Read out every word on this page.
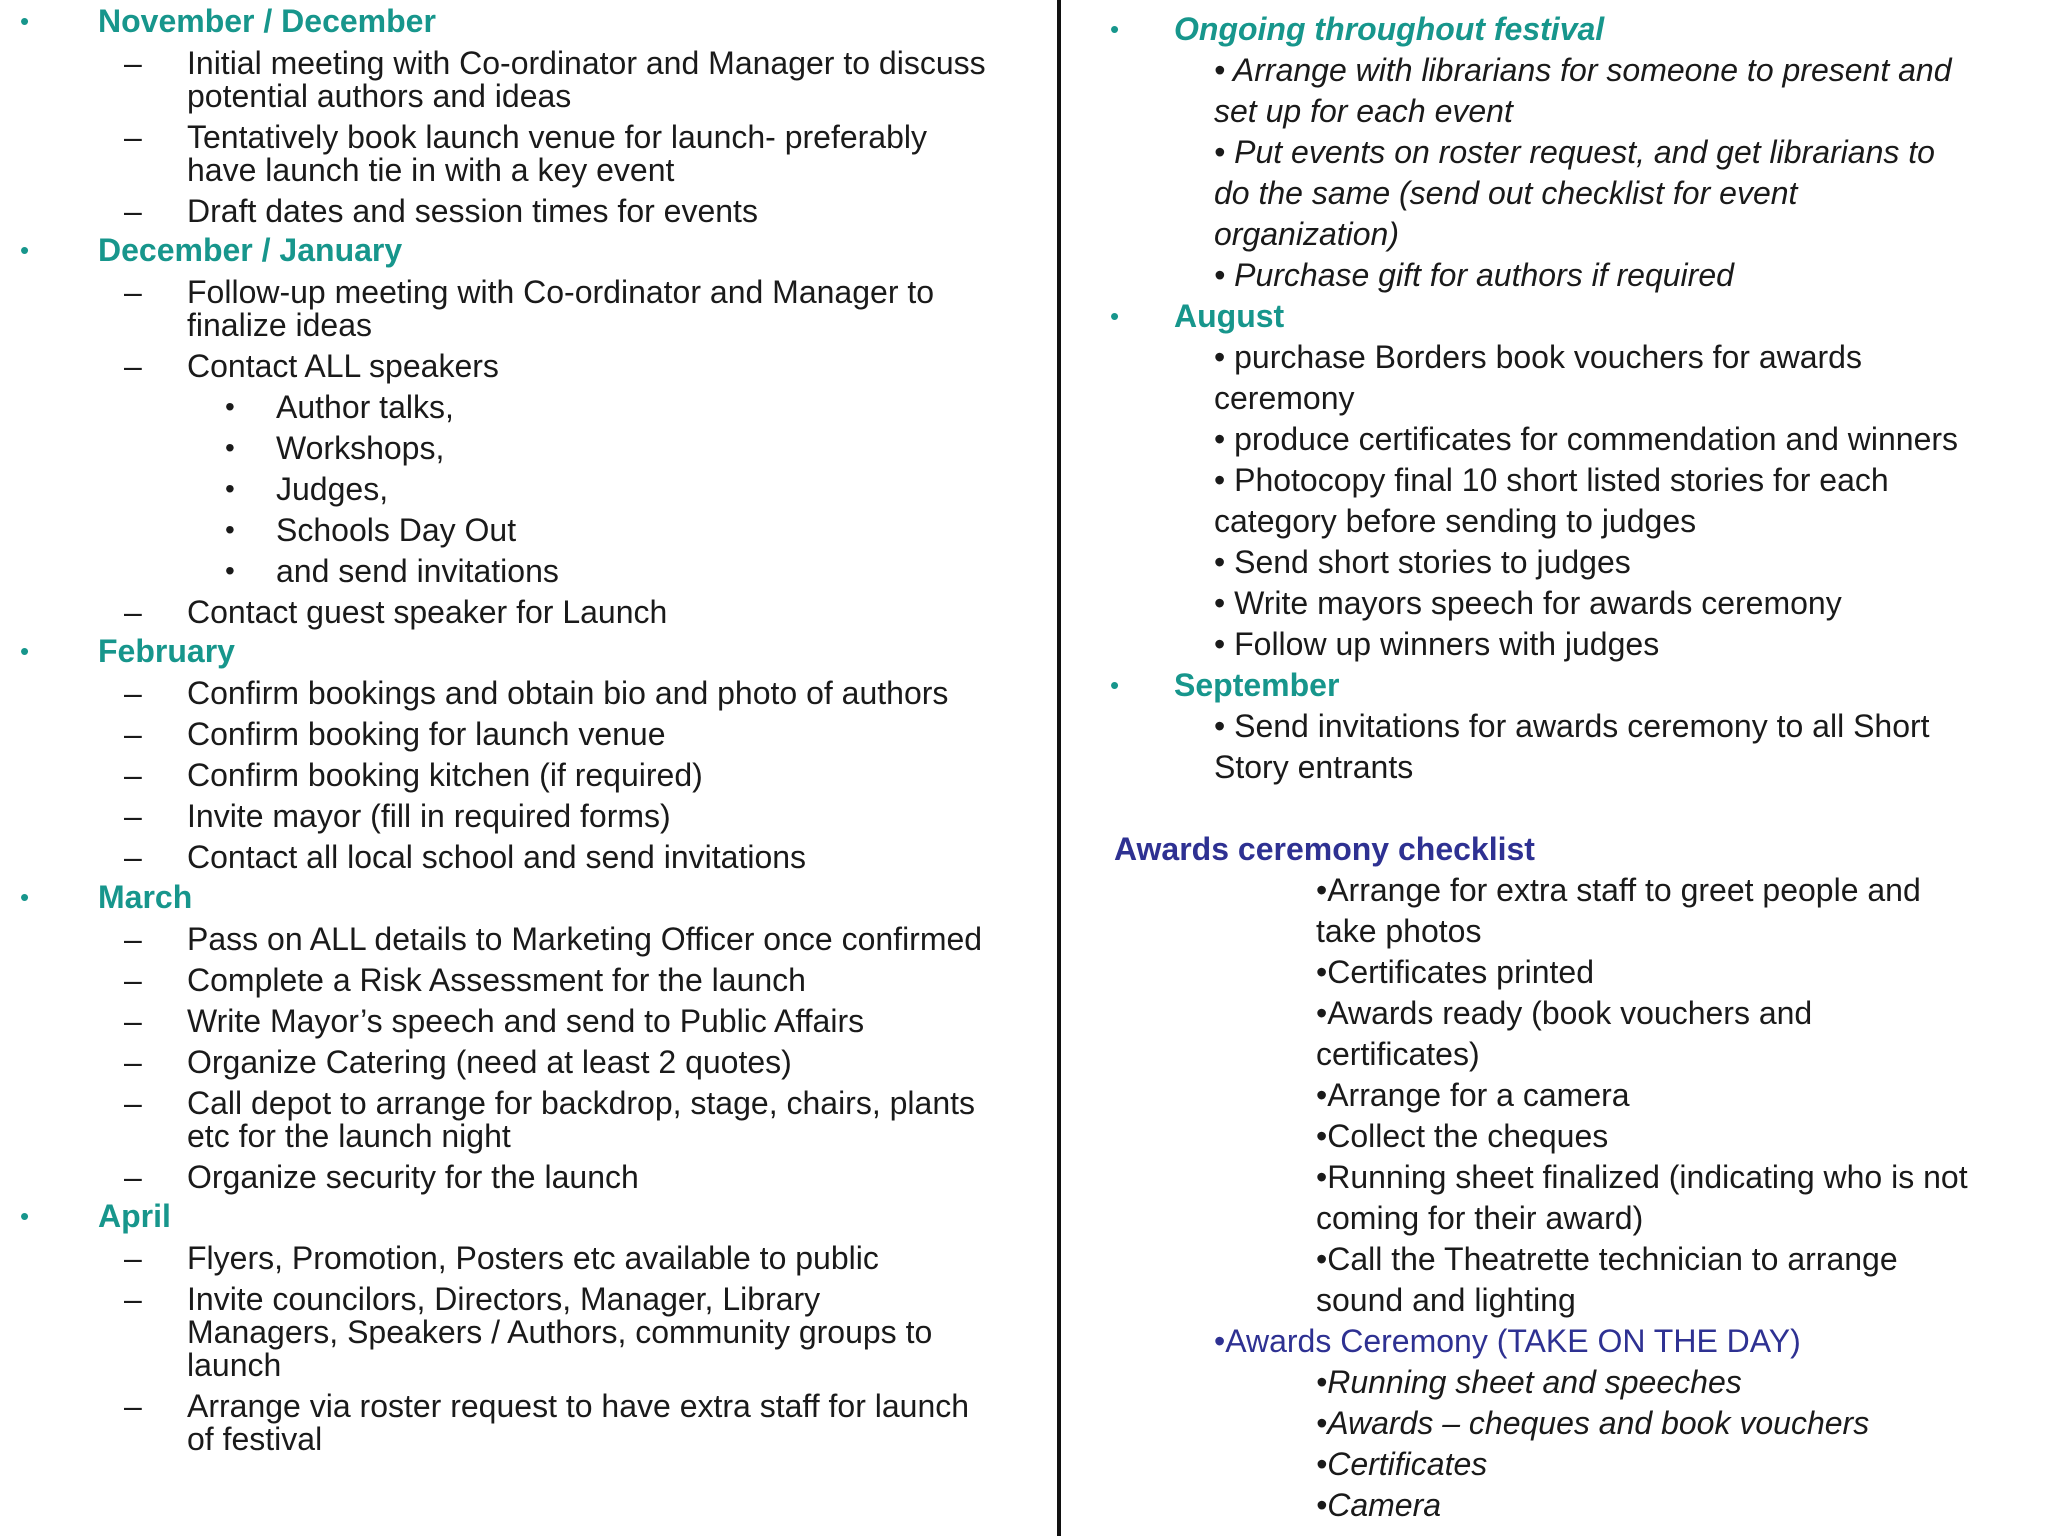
• November / December
– Initial meeting with Co-ordinator and Manager to discuss
potential authors and ideas
– Tentatively book launch venue for launch- preferably
have launch tie in with a key event
– Draft dates and session times for events
• December / January
– Follow-up meeting with Co-ordinator and Manager to
finalize ideas
– Contact ALL speakers
• Author talks,
• Workshops,
• Judges,
• Schools Day Out
• and send invitations
– Contact guest speaker for Launch
• February
– Confirm bookings and obtain bio and photo of authors
– Confirm booking for launch venue
– Confirm booking kitchen (if required)
– Invite mayor (fill in required forms)
– Contact all local school and send invitations
• March
– Pass on ALL details to Marketing Officer once confirmed
– Complete a Risk Assessment for the launch
– Write Mayor’s speech and send to Public Affairs
– Organize Catering (need at least 2 quotes)
– Call depot to arrange for backdrop, stage, chairs, plants
etc for the launch night
– Organize security for the launch
• April
– Flyers, Promotion, Posters etc available to public
– Invite councilors, Directors, Manager, Library
Managers, Speakers / Authors, community groups to
launch
– Arrange via roster request to have extra staff for launch
of festival
• Ongoing throughout festival
• Arrange with librarians for someone to present and
set up for each event
• Put events on roster request, and get librarians to
do the same (send out checklist for event
organization)
• Purchase gift for authors if required
• August
• purchase Borders book vouchers for awards
ceremony
• produce certificates for commendation and winners
• Photocopy final 10 short listed stories for each
category before sending to judges
• Send short stories to judges
• Write mayors speech for awards ceremony
• Follow up winners with judges
• September
• Send invitations for awards ceremony to all Short
Story entrants
Awards ceremony checklist
•Arrange for extra staff to greet people and
take photos
•Certificates printed
•Awards ready (book vouchers and
certificates)
•Arrange for a camera
•Collect the cheques
•Running sheet finalized (indicating who is not
coming for their award)
•Call the Theatrette technician to arrange
sound and lighting
•Awards Ceremony (TAKE ON THE DAY)
•Running sheet and speeches
•Awards – cheques and book vouchers
•Certificates
•Camera
